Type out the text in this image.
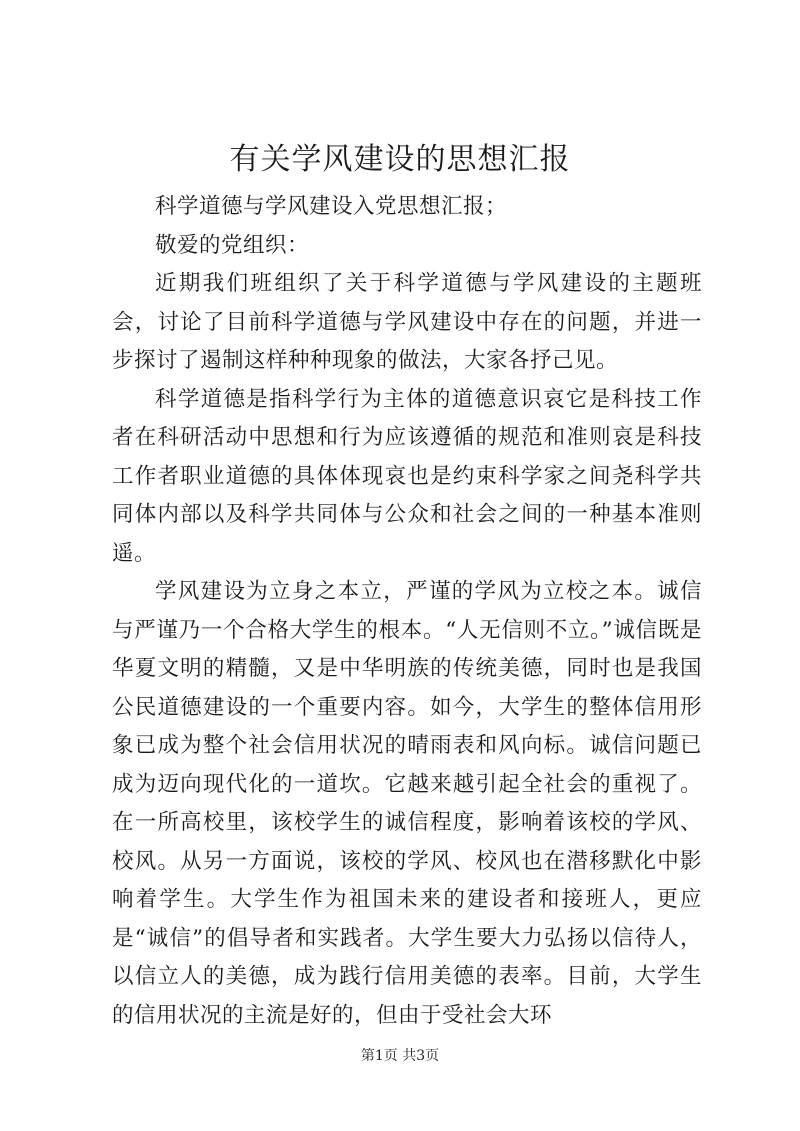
有关学风建设的思想汇报

科学道德与学风建设入党思想汇报；

敬爱的党组织：

近期我们班组织了关于科学道德与学风建设的主题班会，讨论了目前科学道德与学风建设中存在的问题，并进一步探讨了遏制这样种种现象的做法，大家各抒己见。

科学道德是指科学行为主体的道德意识哀它是科技工作者在科研活动中思想和行为应该遵循的规范和准则哀是科技工作者职业道德的具体体现哀也是约束科学家之间尧科学共同体内部以及科学共同体与公众和社会之间的一种基本准则遥。

学风建设为立身之本立，严谨的学风为立校之本。诚信与严谨乃一个合格大学生的根本。“人无信则不立。”诚信既是华夏文明的精髓，又是中华明族的传统美德，同时也是我国公民道德建设的一个重要内容。如今，大学生的整体信用形象已成为整个社会信用状况的晴雨表和风向标。诚信问题已成为迈向现代化的一道坎。它越来越引起全社会的重视了。在一所高校里，该校学生的诚信程度，影响着该校的学风、校风。从另一方面说，该校的学风、校风也在潜移默化中影响着学生。大学生作为祖国未来的建设者和接班人，更应是“诚信”的倡导者和实践者。大学生要大力弘扬以信待人，以信立人的美德，成为践行信用美德的表率。目前，大学生的信用状况的主流是好的，但由于受社会大环

第1页 共3页
